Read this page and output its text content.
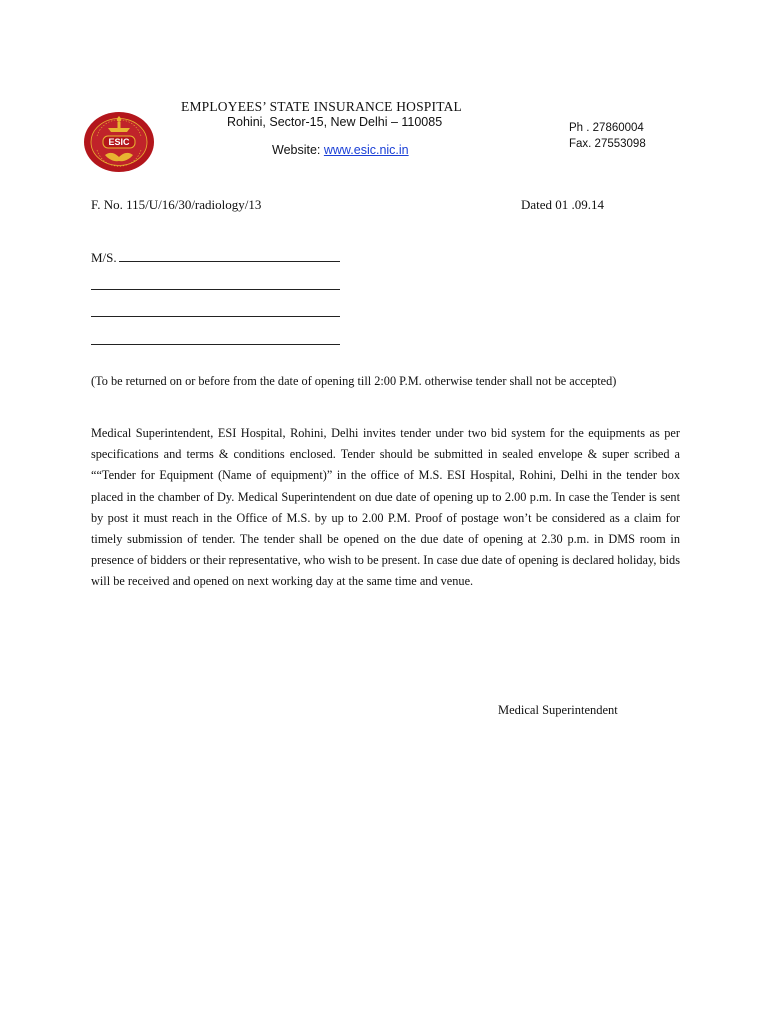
ESIC
EMPLOYEES’ STATE INSURANCE HOSPITAL
Rohini, Sector-15, New Delhi – 110085
Website: www.esic.nic.in
Ph . 27860004
Fax. 27553098
F. No. 115/U/16/30/radiology/13	Dated 01 .09.14
M/S.

(To be returned on or before from the date of opening till 2:00 P.M. otherwise tender shall not be accepted)

Medical Superintendent, ESI Hospital, Rohini, Delhi invites tender under two bid system for the equipments as per specifications and terms & conditions enclosed. Tender should be submitted in sealed envelope & super scribed a ““Tender for Equipment (Name of equipment)” in the office of M.S. ESI Hospital, Rohini, Delhi in the tender box placed in the chamber of Dy. Medical Superintendent on due date of opening up to 2.00 p.m. In case the Tender is sent by post it must reach in the Office of M.S. by up to 2.00 P.M. Proof of postage won’t be considered as a claim for timely submission of tender. The tender shall be opened on the due date of opening at 2.30 p.m. in DMS room in presence of bidders or their representative, who wish to be present. In case due date of opening is declared holiday, bids will be received and opened on next working day at the same time and venue.

Medical Superintendent
